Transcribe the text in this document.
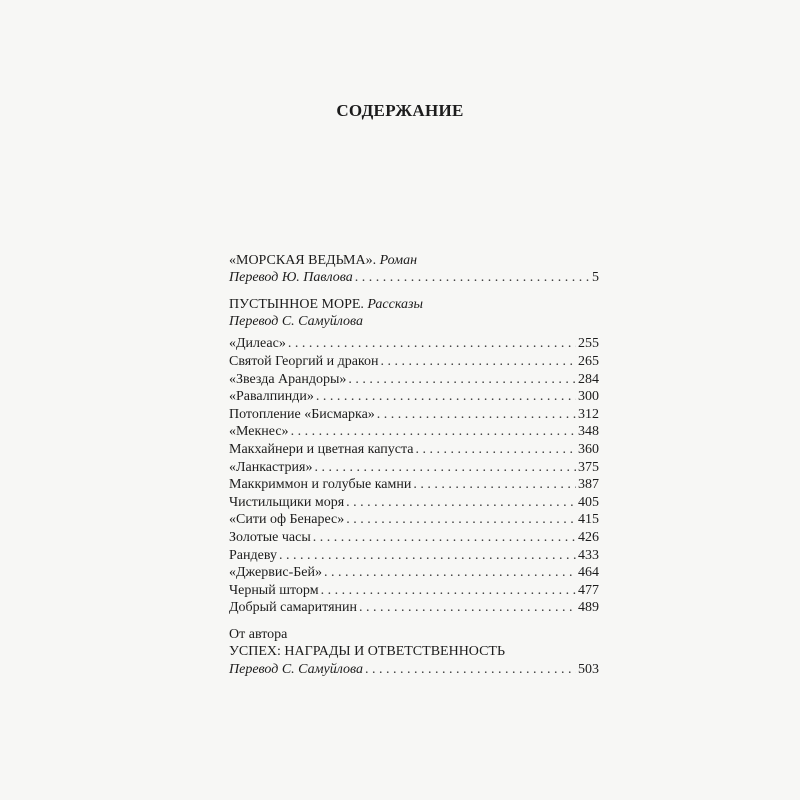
СОДЕРЖАНИЕ
«МОРСКАЯ ВЕДЬМА». Роман
Перевод Ю. Павлова . . .	5
ПУСТЫННОЕ МОРЕ. Рассказы
Перевод С. Самуйлова
«Дилеас» . . .	255
Святой Георгий и дракон . . .	265
«Звезда Арандоры» . . .	284
«Равалпинди» . . .	300
Потопление «Бисмарка» . . .	312
«Мекнес» . . .	348
Макхайнери и цветная капуста . . .	360
«Ланкастрия» . . .	375
Маккриммон и голубые камни . . .	387
Чистильщики моря . . .	405
«Сити оф Бенарес» . . .	415
Золотые часы . . .	426
Рандеву . . .	433
«Джервис-Бей» . . .	464
Черный шторм . . .	477
Добрый самаритянин . . .	489
От автора
УСПЕХ: НАГРАДЫ И ОТВЕТСТВЕННОСТЬ
Перевод С. Самуйлова . . .	503
